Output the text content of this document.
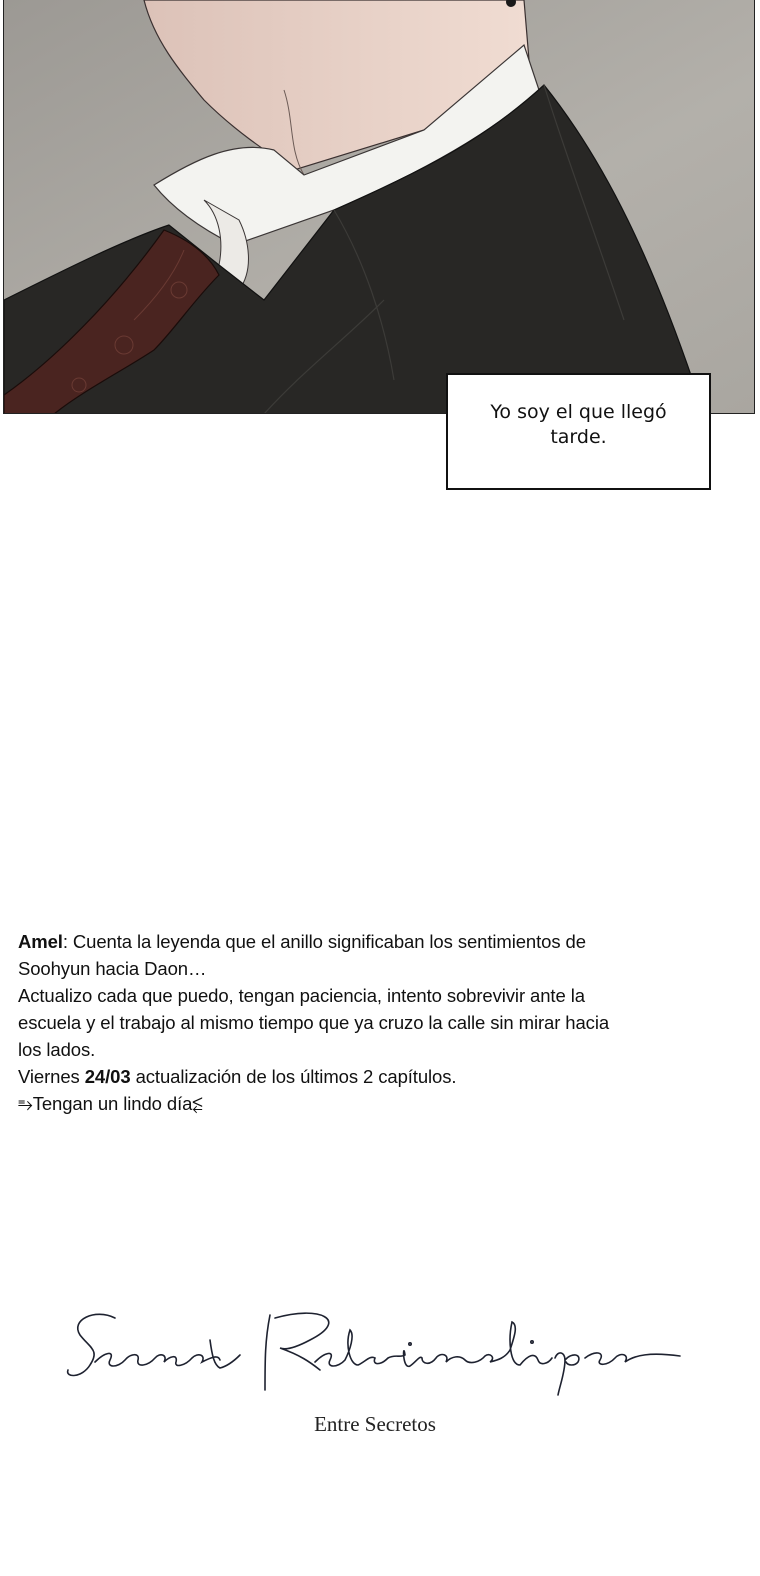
Yo soy el que llegó tarde.

Amel: Cuenta la leyenda que el anillo significaban los sentimientos de Soohyun hacia Daon…

Actualizo cada que puedo, tengan paciencia, intento sobrevivir ante la escuela y el trabajo al mismo tiempo que ya cruzo la calle sin mirar hacia los lados.

Viernes 24/03 actualización de los últimos 2 capítulos.

⥱Tengan un lindo día⥶

Entre Secretos
